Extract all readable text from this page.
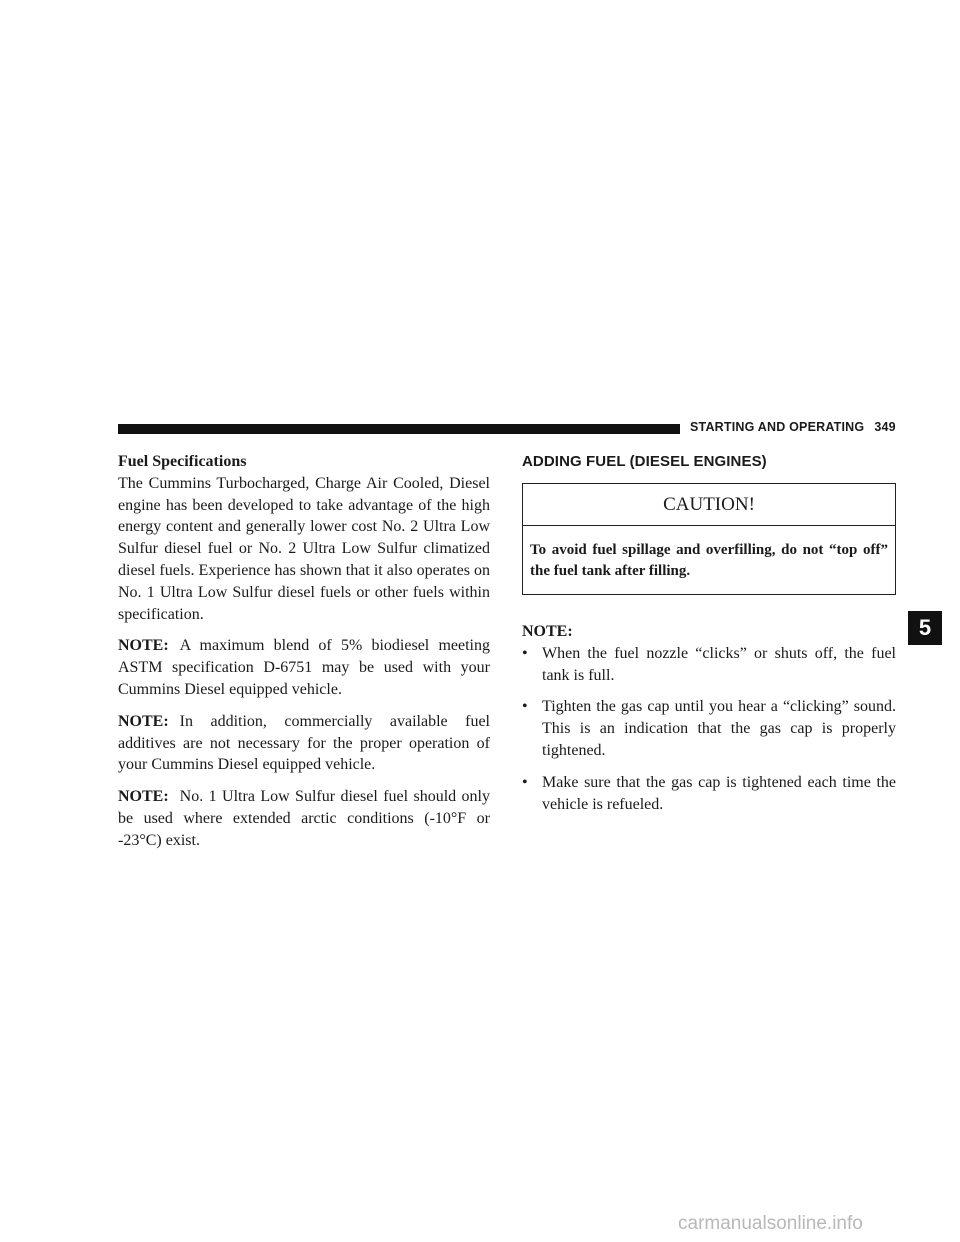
STARTING AND OPERATING 349
Fuel Specifications

The Cummins Turbocharged, Charge Air Cooled, Diesel engine has been developed to take advantage of the high energy content and generally lower cost No. 2 Ultra Low Sulfur diesel fuel or No. 2 Ultra Low Sulfur climatized diesel fuels. Experience has shown that it also operates on No. 1 Ultra Low Sulfur diesel fuels or other fuels within specification.

NOTE: A maximum blend of 5% biodiesel meeting ASTM specification D-6751 may be used with your Cummins Diesel equipped vehicle.

NOTE: In addition, commercially available fuel additives are not necessary for the proper operation of your Cummins Diesel equipped vehicle.

NOTE: No. 1 Ultra Low Sulfur diesel fuel should only be used where extended arctic conditions (-10°F or -23°C) exist.

ADDING FUEL (DIESEL ENGINES)
CAUTION!
To avoid fuel spillage and overfilling, do not “top off” the fuel tank after filling.
NOTE:
• When the fuel nozzle “clicks” or shuts off, the fuel tank is full.
• Tighten the gas cap until you hear a “clicking” sound. This is an indication that the gas cap is properly tightened.
• Make sure that the gas cap is tightened each time the vehicle is refueled.
5
carmanualsonline.info
